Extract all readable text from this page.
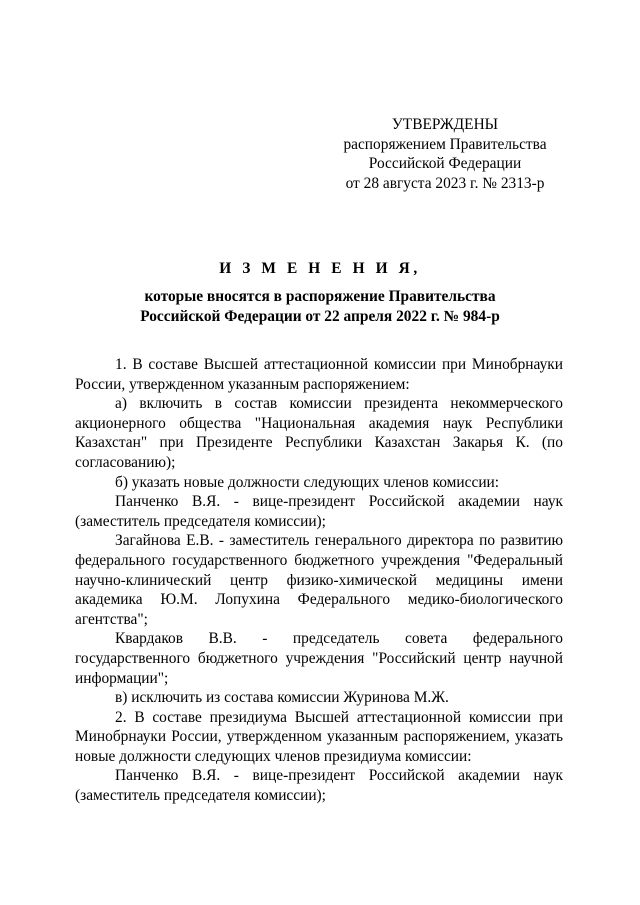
УТВЕРЖДЕНЫ
распоряжением Правительства
Российской Федерации
от 28 августа 2023 г. № 2313-р
И З М Е Н Е Н И Я,
которые вносятся в распоряжение Правительства
Российской Федерации от 22 апреля 2022 г. № 984-р

1. В составе Высшей аттестационной комиссии при Минобрнауки России, утвержденном указанным распоряжением:

а) включить в состав комиссии президента некоммерческого акционерного общества "Национальная академия наук Республики Казахстан" при Президенте Республики Казахстан Закарья К. (по согласованию);

б) указать новые должности следующих членов комиссии:

Панченко В.Я. - вице-президент Российской академии наук (заместитель председателя комиссии);

Загайнова Е.В. - заместитель генерального директора по развитию федерального государственного бюджетного учреждения "Федеральный научно-клинический центр физико-химической медицины имени академика Ю.М. Лопухина Федерального медико-биологического агентства";

Квардаков В.В. - председатель совета федерального государственного бюджетного учреждения "Российский центр научной информации";

в) исключить из состава комиссии Журинова М.Ж.

2. В составе президиума Высшей аттестационной комиссии при Минобрнауки России, утвержденном указанным распоряжением, указать новые должности следующих членов президиума комиссии:

Панченко В.Я. - вице-президент Российской академии наук (заместитель председателя комиссии);
